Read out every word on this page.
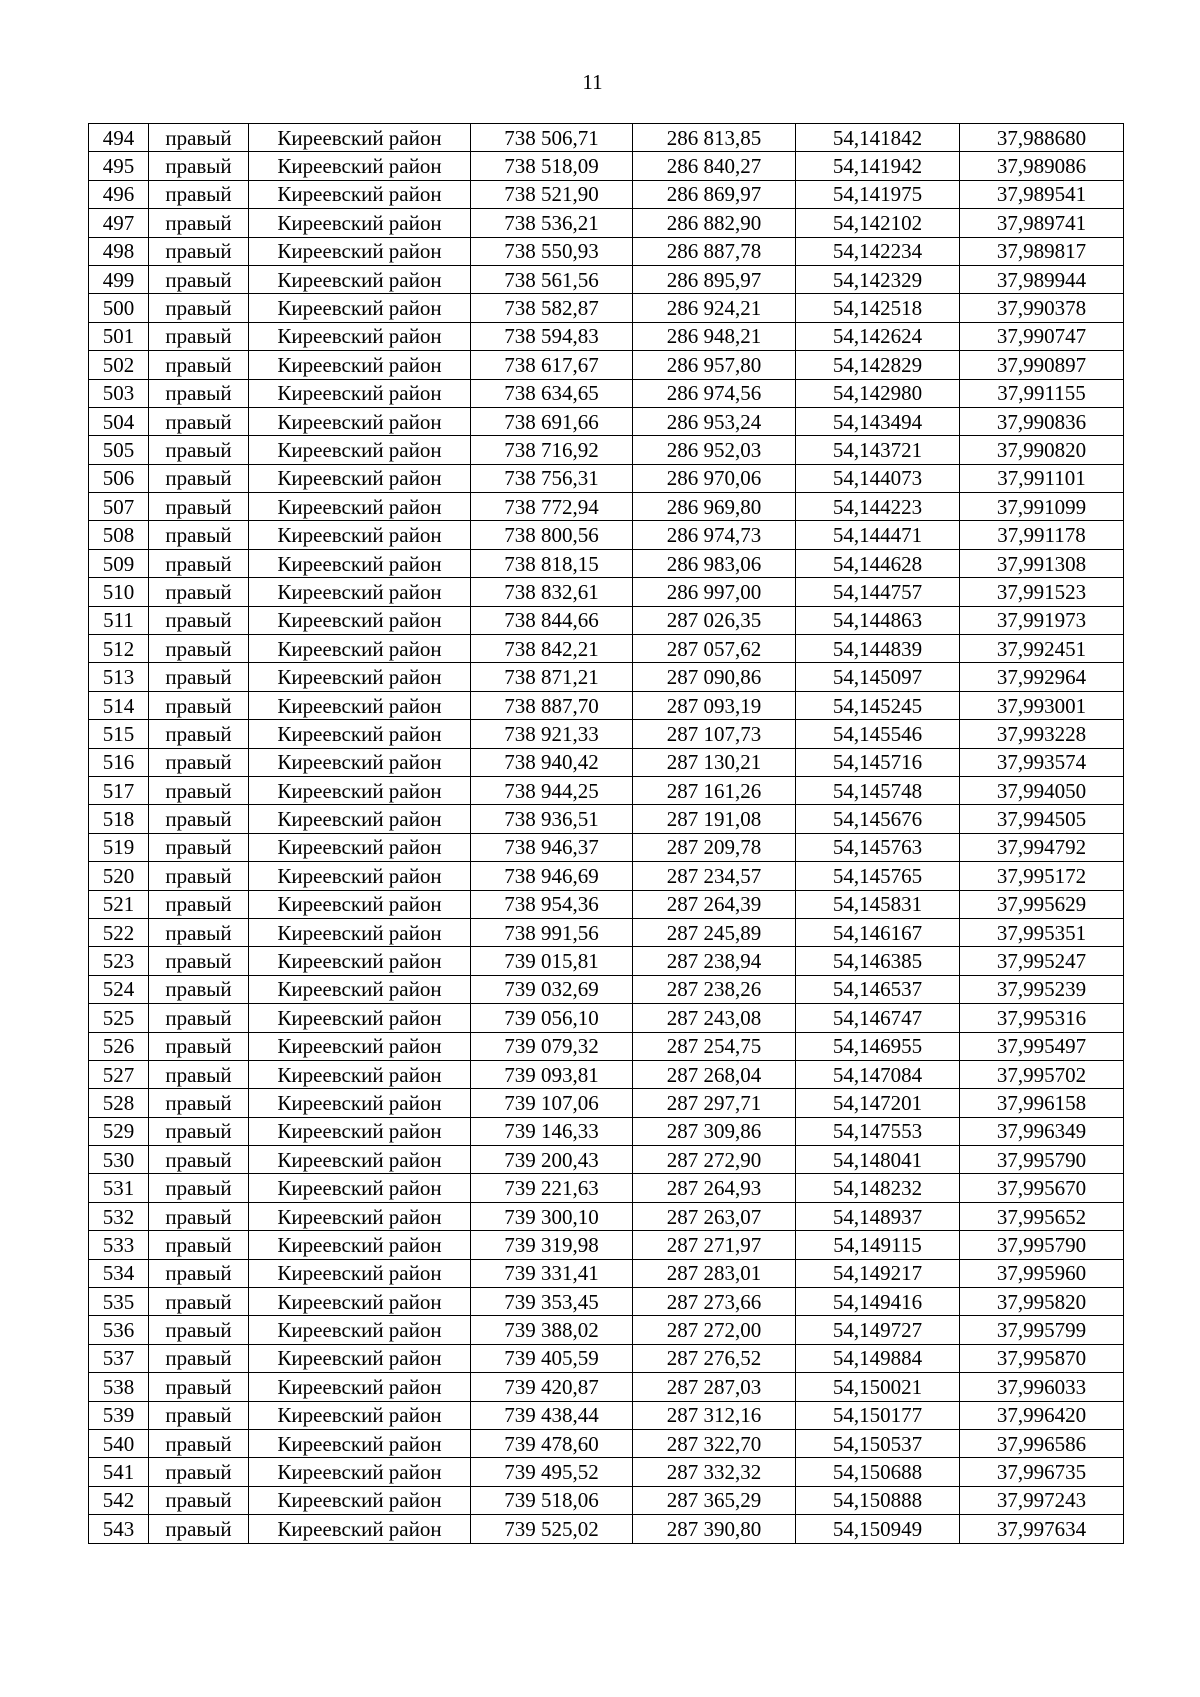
11
494	правый	Киреевский район	738 506,71	286 813,85	54,141842	37,988680
495	правый	Киреевский район	738 518,09	286 840,27	54,141942	37,989086
496	правый	Киреевский район	738 521,90	286 869,97	54,141975	37,989541
497	правый	Киреевский район	738 536,21	286 882,90	54,142102	37,989741
498	правый	Киреевский район	738 550,93	286 887,78	54,142234	37,989817
499	правый	Киреевский район	738 561,56	286 895,97	54,142329	37,989944
500	правый	Киреевский район	738 582,87	286 924,21	54,142518	37,990378
501	правый	Киреевский район	738 594,83	286 948,21	54,142624	37,990747
502	правый	Киреевский район	738 617,67	286 957,80	54,142829	37,990897
503	правый	Киреевский район	738 634,65	286 974,56	54,142980	37,991155
504	правый	Киреевский район	738 691,66	286 953,24	54,143494	37,990836
505	правый	Киреевский район	738 716,92	286 952,03	54,143721	37,990820
506	правый	Киреевский район	738 756,31	286 970,06	54,144073	37,991101
507	правый	Киреевский район	738 772,94	286 969,80	54,144223	37,991099
508	правый	Киреевский район	738 800,56	286 974,73	54,144471	37,991178
509	правый	Киреевский район	738 818,15	286 983,06	54,144628	37,991308
510	правый	Киреевский район	738 832,61	286 997,00	54,144757	37,991523
511	правый	Киреевский район	738 844,66	287 026,35	54,144863	37,991973
512	правый	Киреевский район	738 842,21	287 057,62	54,144839	37,992451
513	правый	Киреевский район	738 871,21	287 090,86	54,145097	37,992964
514	правый	Киреевский район	738 887,70	287 093,19	54,145245	37,993001
515	правый	Киреевский район	738 921,33	287 107,73	54,145546	37,993228
516	правый	Киреевский район	738 940,42	287 130,21	54,145716	37,993574
517	правый	Киреевский район	738 944,25	287 161,26	54,145748	37,994050
518	правый	Киреевский район	738 936,51	287 191,08	54,145676	37,994505
519	правый	Киреевский район	738 946,37	287 209,78	54,145763	37,994792
520	правый	Киреевский район	738 946,69	287 234,57	54,145765	37,995172
521	правый	Киреевский район	738 954,36	287 264,39	54,145831	37,995629
522	правый	Киреевский район	738 991,56	287 245,89	54,146167	37,995351
523	правый	Киреевский район	739 015,81	287 238,94	54,146385	37,995247
524	правый	Киреевский район	739 032,69	287 238,26	54,146537	37,995239
525	правый	Киреевский район	739 056,10	287 243,08	54,146747	37,995316
526	правый	Киреевский район	739 079,32	287 254,75	54,146955	37,995497
527	правый	Киреевский район	739 093,81	287 268,04	54,147084	37,995702
528	правый	Киреевский район	739 107,06	287 297,71	54,147201	37,996158
529	правый	Киреевский район	739 146,33	287 309,86	54,147553	37,996349
530	правый	Киреевский район	739 200,43	287 272,90	54,148041	37,995790
531	правый	Киреевский район	739 221,63	287 264,93	54,148232	37,995670
532	правый	Киреевский район	739 300,10	287 263,07	54,148937	37,995652
533	правый	Киреевский район	739 319,98	287 271,97	54,149115	37,995790
534	правый	Киреевский район	739 331,41	287 283,01	54,149217	37,995960
535	правый	Киреевский район	739 353,45	287 273,66	54,149416	37,995820
536	правый	Киреевский район	739 388,02	287 272,00	54,149727	37,995799
537	правый	Киреевский район	739 405,59	287 276,52	54,149884	37,995870
538	правый	Киреевский район	739 420,87	287 287,03	54,150021	37,996033
539	правый	Киреевский район	739 438,44	287 312,16	54,150177	37,996420
540	правый	Киреевский район	739 478,60	287 322,70	54,150537	37,996586
541	правый	Киреевский район	739 495,52	287 332,32	54,150688	37,996735
542	правый	Киреевский район	739 518,06	287 365,29	54,150888	37,997243
543	правый	Киреевский район	739 525,02	287 390,80	54,150949	37,997634
